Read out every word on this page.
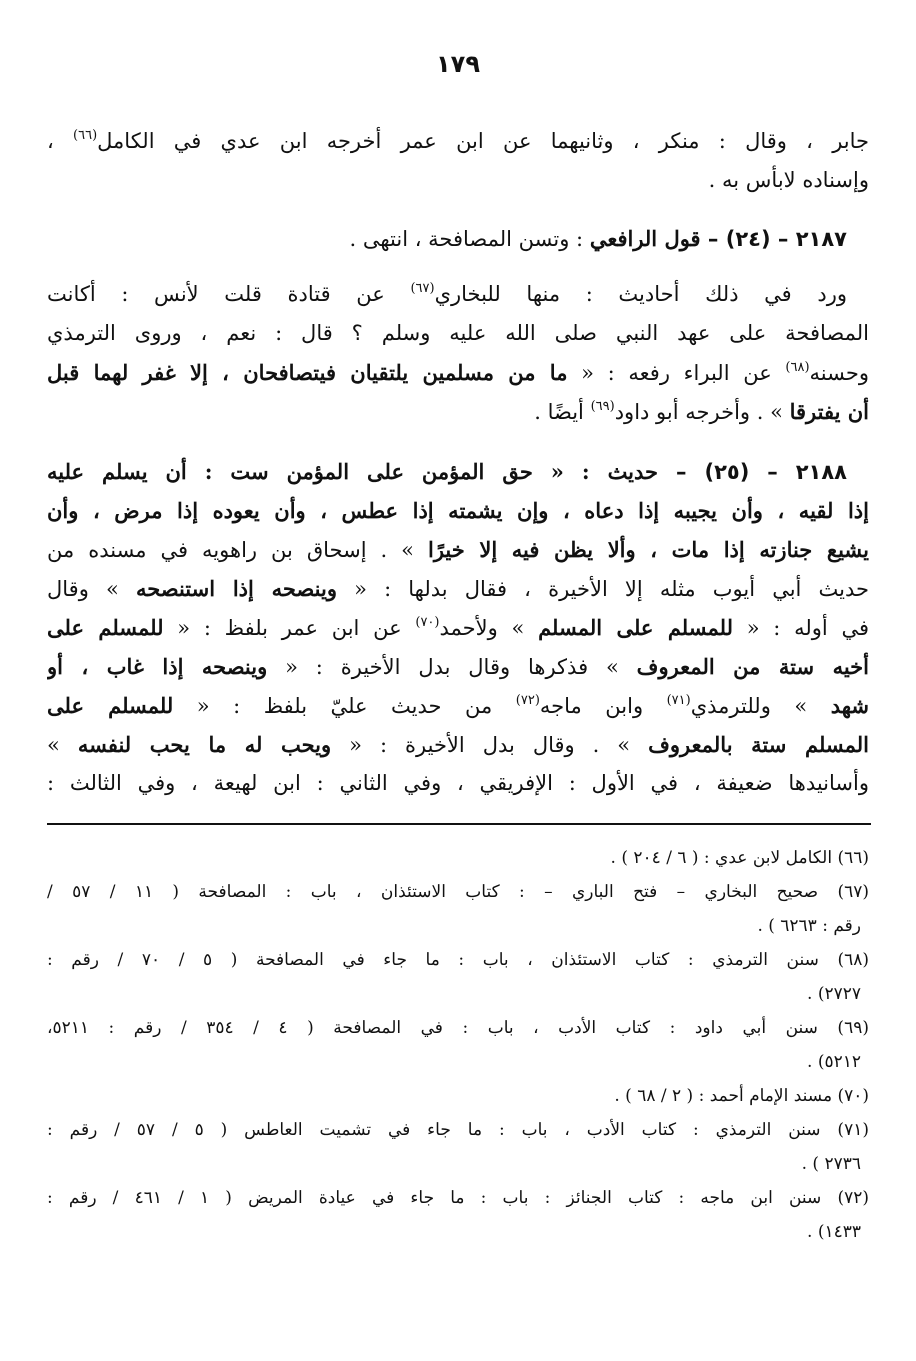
١٧٩
جابر ، وقال : منكر ، وثانيهما عن ابن عمر أخرجه ابن عدي في الكامل$^{(٦٦)}$ ،
وإسناده لابأس به .
٢١٨٧ – (٢٤) – قول الرافعي : وتسن المصافحة ، انتهى .
ورد في ذلك أحاديث : منها للبخاري$^{(٦٧)}$ عن قتادة قلت لأنس : أكانت
المصافحة على عهد النبي صلى الله عليه وسلم ؟ قال : نعم ، وروى الترمذي
وحسنه$^{(٦٨)}$ عن البراء رفعه : « ما من مسلمين يلتقيان فيتصافحان ، إلا غفر لهما قبل
أن يفترقا » . وأخرجه أبو داود$^{(٦٩)}$ أيضًا .
٢١٨٨ – (٢٥) – حديث : « حق المؤمن على المؤمن ست : أن يسلم عليه
إذا لقيه ، وأن يجيبه إذا دعاه ، وإن يشمته إذا عطس ، وأن يعوده إذا مرض ، وأن
يشيع جنازته إذا مات ، وألا يظن فيه إلا خيرًا » . إسحاق بن راهويه في مسنده من
حديث أبي أيوب مثله إلا الأخيرة ، فقال بدلها : « وينصحه إذا استنصحه » وقال
في أوله : « للمسلم على المسلم » ولأحمد$^{(٧٠)}$ عن ابن عمر بلفظ : « للمسلم على
أخيه ستة من المعروف » فذكرها وقال بدل الأخيرة : « وينصحه إذا غاب ، أو
شهد » وللترمذي$^{(٧١)}$ وابن ماجه$^{(٧٢)}$ من حديث عليّ بلفظ : « للمسلم على
المسلم ستة بالمعروف » . وقال بدل الأخيرة : « ويحب له ما يحب لنفسه »
وأسانيدها ضعيفة ، في الأول : الإفريقي ، وفي الثاني : ابن لهيعة ، وفي الثالث :
(٦٦) الكامل لابن عدي : ( ٦ / ٢٠٤ ) .
(٦٧) صحيح البخاري – فتح الباري – : كتاب الاستئذان ، باب : المصافحة ( ١١ / ٥٧ /
رقم : ٦٢٦٣ ) .
(٦٨) سنن الترمذي : كتاب الاستئذان ، باب : ما جاء في المصافحة ( ٥ / ٧٠ / رقم :
٢٧٢٧) .
(٦٩) سنن أبي داود : كتاب الأدب ، باب : في المصافحة ( ٤ / ٣٥٤ / رقم : ٥٢١١،
٥٢١٢) .
(٧٠) مسند الإمام أحمد : ( ٢ / ٦٨ ) .
(٧١) سنن الترمذي : كتاب الأدب ، باب : ما جاء في تشميت العاطس ( ٥ / ٥٧ / رقم :
٢٧٣٦ ) .
(٧٢) سنن ابن ماجه : كتاب الجنائز : باب : ما جاء في عيادة المريض ( ١ / ٤٦١ / رقم :
١٤٣٣) .
